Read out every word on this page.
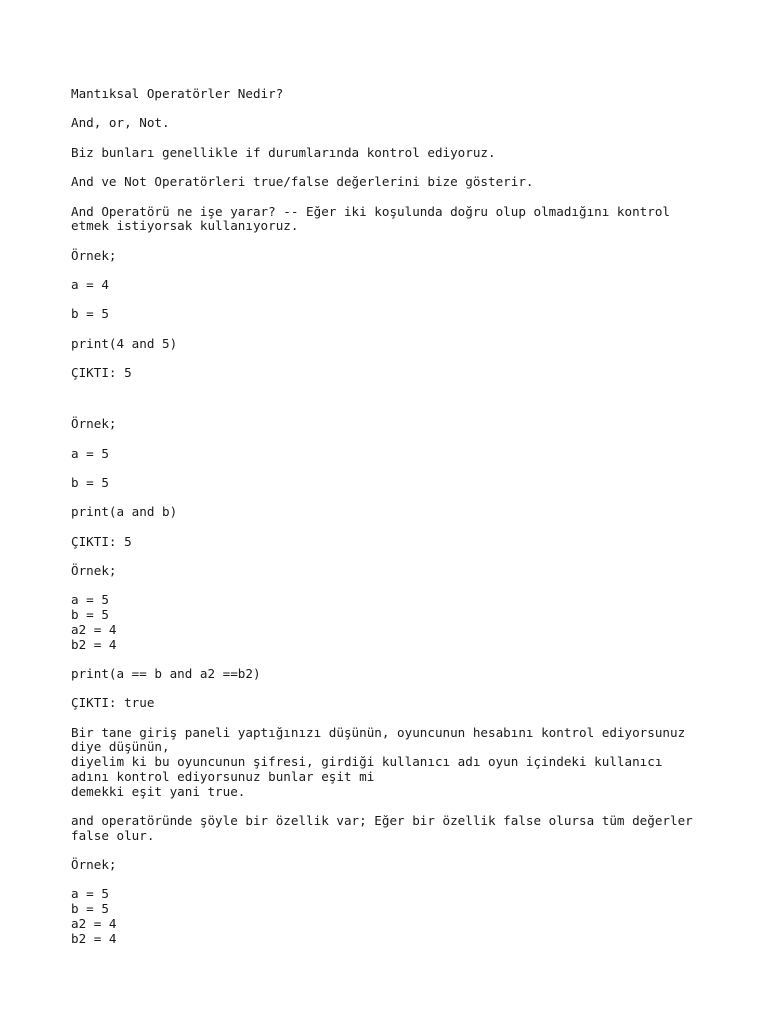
Mantıksal Operatörler Nedir?

And, or, Not.

Biz bunları genellikle if durumlarında kontrol ediyoruz.

And ve Not Operatörleri true/false değerlerini bize gösterir.

And Operatörü ne işe yarar? -- Eğer iki koşulunda doğru olup olmadığını kontrol

etmek istiyorsak kullanıyoruz.

Örnek;

a = 4

b = 5

print(4 and 5)

ÇIKTI: 5

Örnek;

a = 5

b = 5

print(a and b)

ÇIKTI: 5

Örnek;

a = 5

b = 5

a2 = 4

b2 = 4

print(a == b and a2 ==b2)

ÇIKTI: true

Bir tane giriş paneli yaptığınızı düşünün, oyuncunun hesabını kontrol ediyorsunuz

diye düşünün,

diyelim ki bu oyuncunun şifresi, girdiği kullanıcı adı oyun içindeki kullanıcı

adını kontrol ediyorsunuz bunlar eşit mi

demekki eşit yani true.

and operatöründe şöyle bir özellik var; Eğer bir özellik false olursa tüm değerler

false olur.

Örnek;

a = 5

b = 5

a2 = 4

b2 = 4
